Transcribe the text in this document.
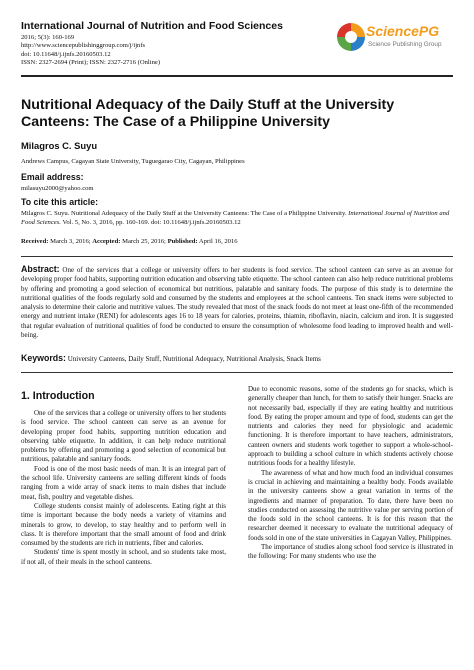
International Journal of Nutrition and Food Sciences
2016; 5(3): 160-169
http://www.sciencepublishinggroup.com/j/ijnfs
doi: 10.11648/j.ijnfs.20160503.12
ISSN: 2327-2694 (Print); ISSN: 2327-2716 (Online)
SciencePG
Science Publishing Group
Nutritional Adequacy of the Daily Stuff at the University Canteens: The Case of a Philippine University
Milagros C. Suyu
Andrews Campus, Cagayan State University, Tuguegarao City, Cagayan, Philippines
Email address:
milasuyu2000@yahoo.com
To cite this article:
Milagros C. Suyu. Nutritional Adequacy of the Daily Stuff at the University Canteens: The Case of a Philippine University. International Journal of Nutrition and Food Sciences. Vol. 5, No. 3, 2016, pp. 160-169. doi: 10.11648/j.ijnfs.20160503.12
Received: March 3, 2016; Accepted: March 25, 2016; Published: April 16, 2016
Abstract: One of the services that a college or university offers to her students is food service. The school canteen can serve as an avenue for developing proper food habits, supporting nutrition education and observing table etiquette. The school canteen can also help reduce nutritional problems by offering and promoting a good selection of economical but nutritious, palatable and sanitary foods. The purpose of this study is to determine the nutritional qualities of the foods regularly sold and consumed by the students and employees at the school canteens. Ten snack items were subjected to analysis to determine their calorie and nutritive values. The study revealed that most of the snack foods do not meet at least one-fifth of the recommended energy and nutrient intake (RENI) for adolescents ages 16 to 18 years for calories, proteins, thiamin, riboflavin, niacin, calcium and iron. It is suggested that regular evaluation of nutritional qualities of food be conducted to ensure the consumption of wholesome food leading to improved health and well-being.
Keywords: University Canteens, Daily Stuff, Nutritional Adequacy, Nutritional Analysis, Snack Items
1. Introduction

One of the services that a college or university offers to her students is food service. The school canteen can serve as an avenue for developing proper food habits, supporting nutrition education and observing table etiquette. In addition, it can help reduce nutritional problems by offering and promoting a good selection of economical but nutritious, palatable and sanitary foods.

Food is one of the most basic needs of man. It is an integral part of the school life. University canteens are selling different kinds of foods ranging from a wide array of snack items to main dishes that include meat, fish, poultry and vegetable dishes.

College students consist mainly of adolescents. Eating right at this time is important because the body needs a variety of vitamins and minerals to grow, to develop, to stay healthy and to perform well in class. It is therefore important that the small amount of food and drink consumed by the students are rich in nutrients, fiber and calories.

Students' time is spent mostly in school, and so students take most, if not all, of their meals in the school canteens.

Due to economic reasons, some of the students go for snacks, which is generally cheaper than lunch, for them to satisfy their hunger. Snacks are not necessarily bad, especially if they are eating healthy and nutritious food. By eating the proper amount and type of food, students can get the nutrients and calories they need for physiologic and academic functioning. It is therefore important to have teachers, administrators, canteen owners and students work together to support a whole-school-approach to building a school culture in which students actively choose nutritious foods for a healthy lifestyle.

The awareness of what and how much food an individual consumes is crucial in achieving and maintaining a healthy body. Foods available in the university canteens show a great variation in terms of the ingredients and manner of preparation. To date, there have been no studies conducted on assessing the nutritive value per serving portion of the foods sold in the school canteens. It is for this reason that the researcher deemed it necessary to evaluate the nutritional adequacy of foods sold in one of the state universities in Cagayan Valley, Philippines.

The importance of studies along school food service is illustrated in the following: For many students who use the
